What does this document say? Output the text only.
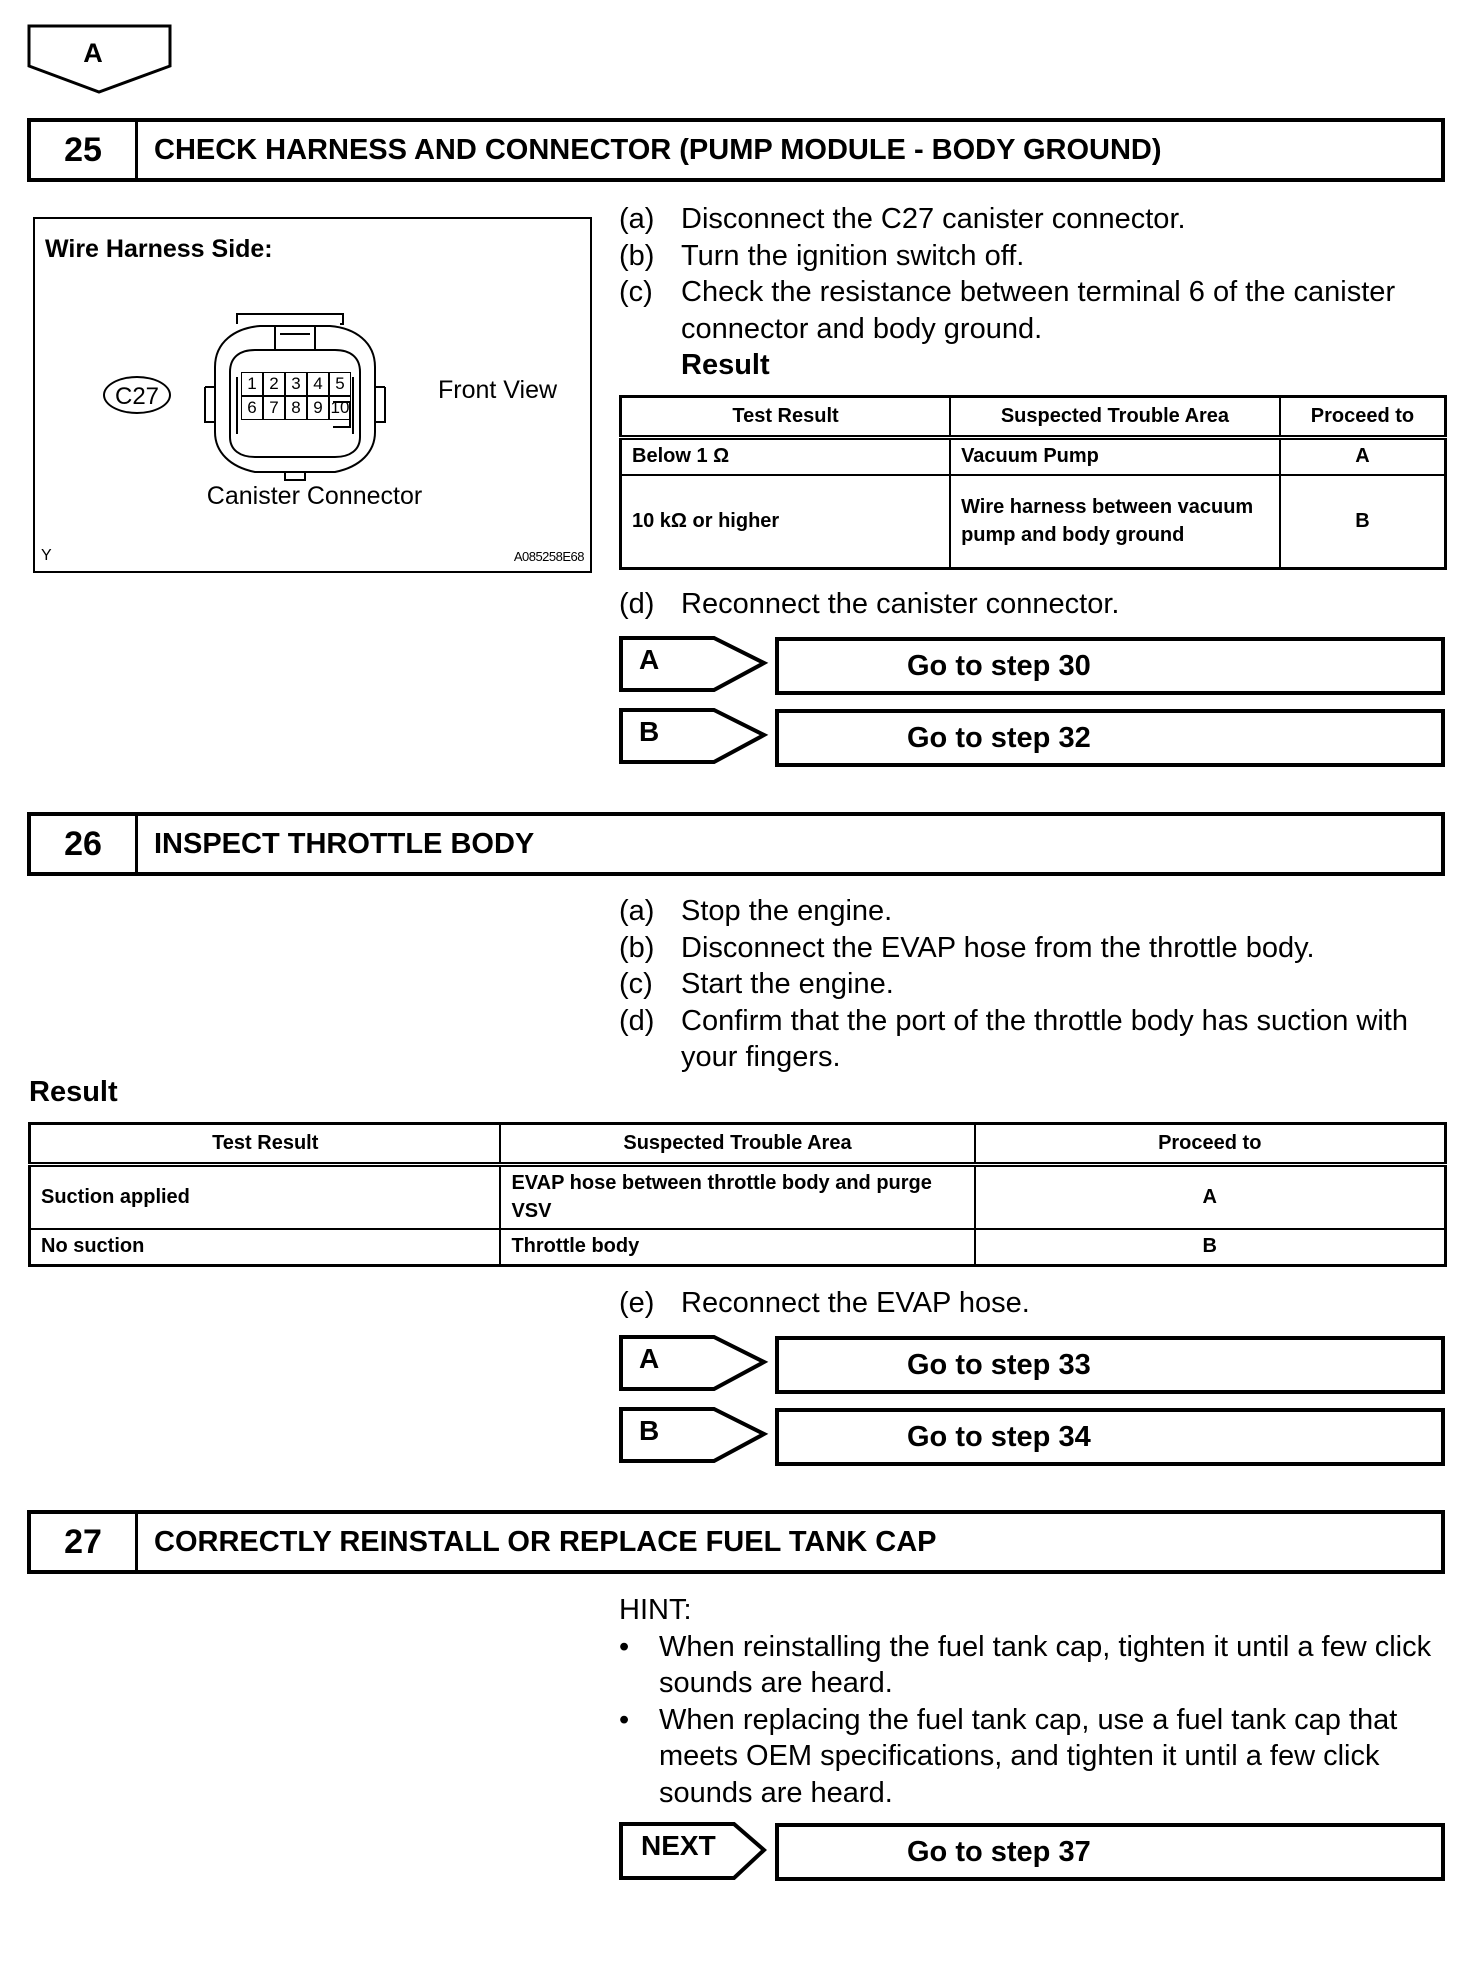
A
25	CHECK HARNESS AND CONNECTOR (PUMP MODULE - BODY GROUND)
Wire Harness Side:
C27	1 2 3 4 5
6 7 8 9 10
Front View
Canister Connector
Y	A085258E68
(a) Disconnect the C27 canister connector.
(b) Turn the ignition switch off.
(c) Check the resistance between terminal 6 of the canister connector and body ground.
Result
Test Result	Suspected Trouble Area	Proceed to
Below 1 Ω	Vacuum Pump	A
10 kΩ or higher	Wire harness between vacuum pump and body ground	B
(d) Reconnect the canister connector.
A	Go to step 30
B	Go to step 32
26	INSPECT THROTTLE BODY
(a) Stop the engine.
(b) Disconnect the EVAP hose from the throttle body.
(c) Start the engine.
(d) Confirm that the port of the throttle body has suction with your fingers.
Result
Test Result	Suspected Trouble Area	Proceed to
Suction applied	EVAP hose between throttle body and purge VSV	A
No suction	Throttle body	B
(e) Reconnect the EVAP hose.
A	Go to step 33
B	Go to step 34
27	CORRECTLY REINSTALL OR REPLACE FUEL TANK CAP
HINT:
• When reinstalling the fuel tank cap, tighten it until a few click sounds are heard.
• When replacing the fuel tank cap, use a fuel tank cap that meets OEM specifications, and tighten it until a few click sounds are heard.
NEXT	Go to step 37
